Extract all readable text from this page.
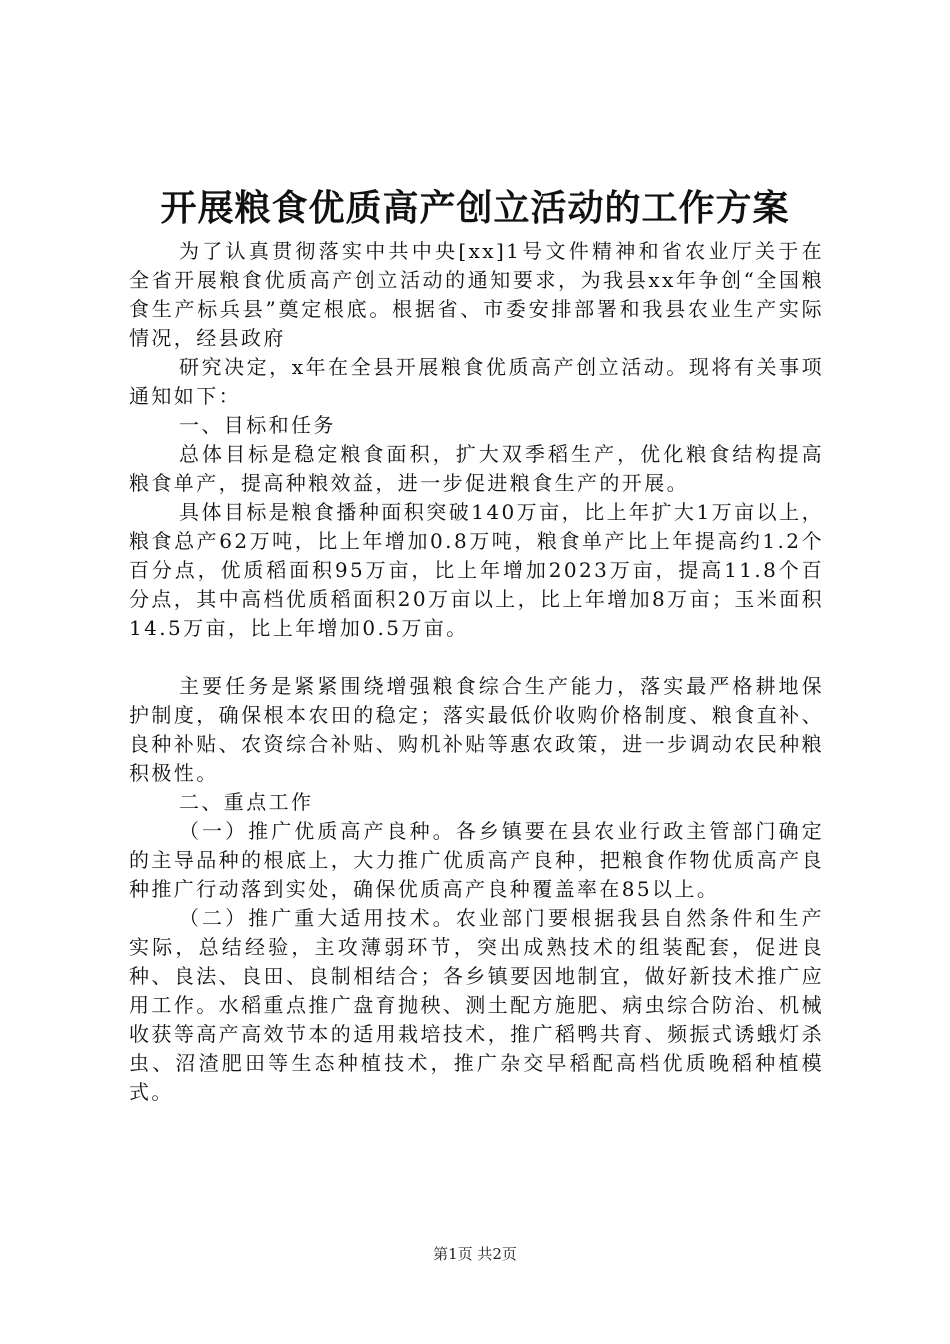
开展粮食优质高产创立活动的工作方案

为了认真贯彻落实中共中央[xx]1号文件精神和省农业厅关于在全省开展粮食优质高产创立活动的通知要求，为我县xx年争创“全国粮食生产标兵县”奠定根底。根据省、市委安排部署和我县农业生产实际情况，经县政府

研究决定，x年在全县开展粮食优质高产创立活动。现将有关事项通知如下：

一、目标和任务

总体目标是稳定粮食面积，扩大双季稻生产，优化粮食结构提高粮食单产，提高种粮效益，进一步促进粮食生产的开展。

具体目标是粮食播种面积突破140万亩，比上年扩大1万亩以上，粮食总产62万吨，比上年增加0.8万吨，粮食单产比上年提高约1.2个百分点，优质稻面积95万亩，比上年增加2023万亩，提高11.8个百分点，其中高档优质稻面积20万亩以上，比上年增加8万亩；玉米面积14.5万亩，比上年增加0.5万亩。

主要任务是紧紧围绕增强粮食综合生产能力，落实最严格耕地保护制度，确保根本农田的稳定；落实最低价收购价格制度、粮食直补、良种补贴、农资综合补贴、购机补贴等惠农政策，进一步调动农民种粮积极性。

二、重点工作

（一）推广优质高产良种。各乡镇要在县农业行政主管部门确定的主导品种的根底上，大力推广优质高产良种，把粮食作物优质高产良种推广行动落到实处，确保优质高产良种覆盖率在85以上。

（二）推广重大适用技术。农业部门要根据我县自然条件和生产实际，总结经验，主攻薄弱环节，突出成熟技术的组装配套，促进良种、良法、良田、良制相结合；各乡镇要因地制宜，做好新技术推广应用工作。水稻重点推广盘育抛秧、测土配方施肥、病虫综合防治、机械收获等高产高效节本的适用栽培技术，推广稻鸭共育、频振式诱蛾灯杀虫、沼渣肥田等生态种植技术，推广杂交早稻配高档优质晚稻种植模式。

第1页 共2页
